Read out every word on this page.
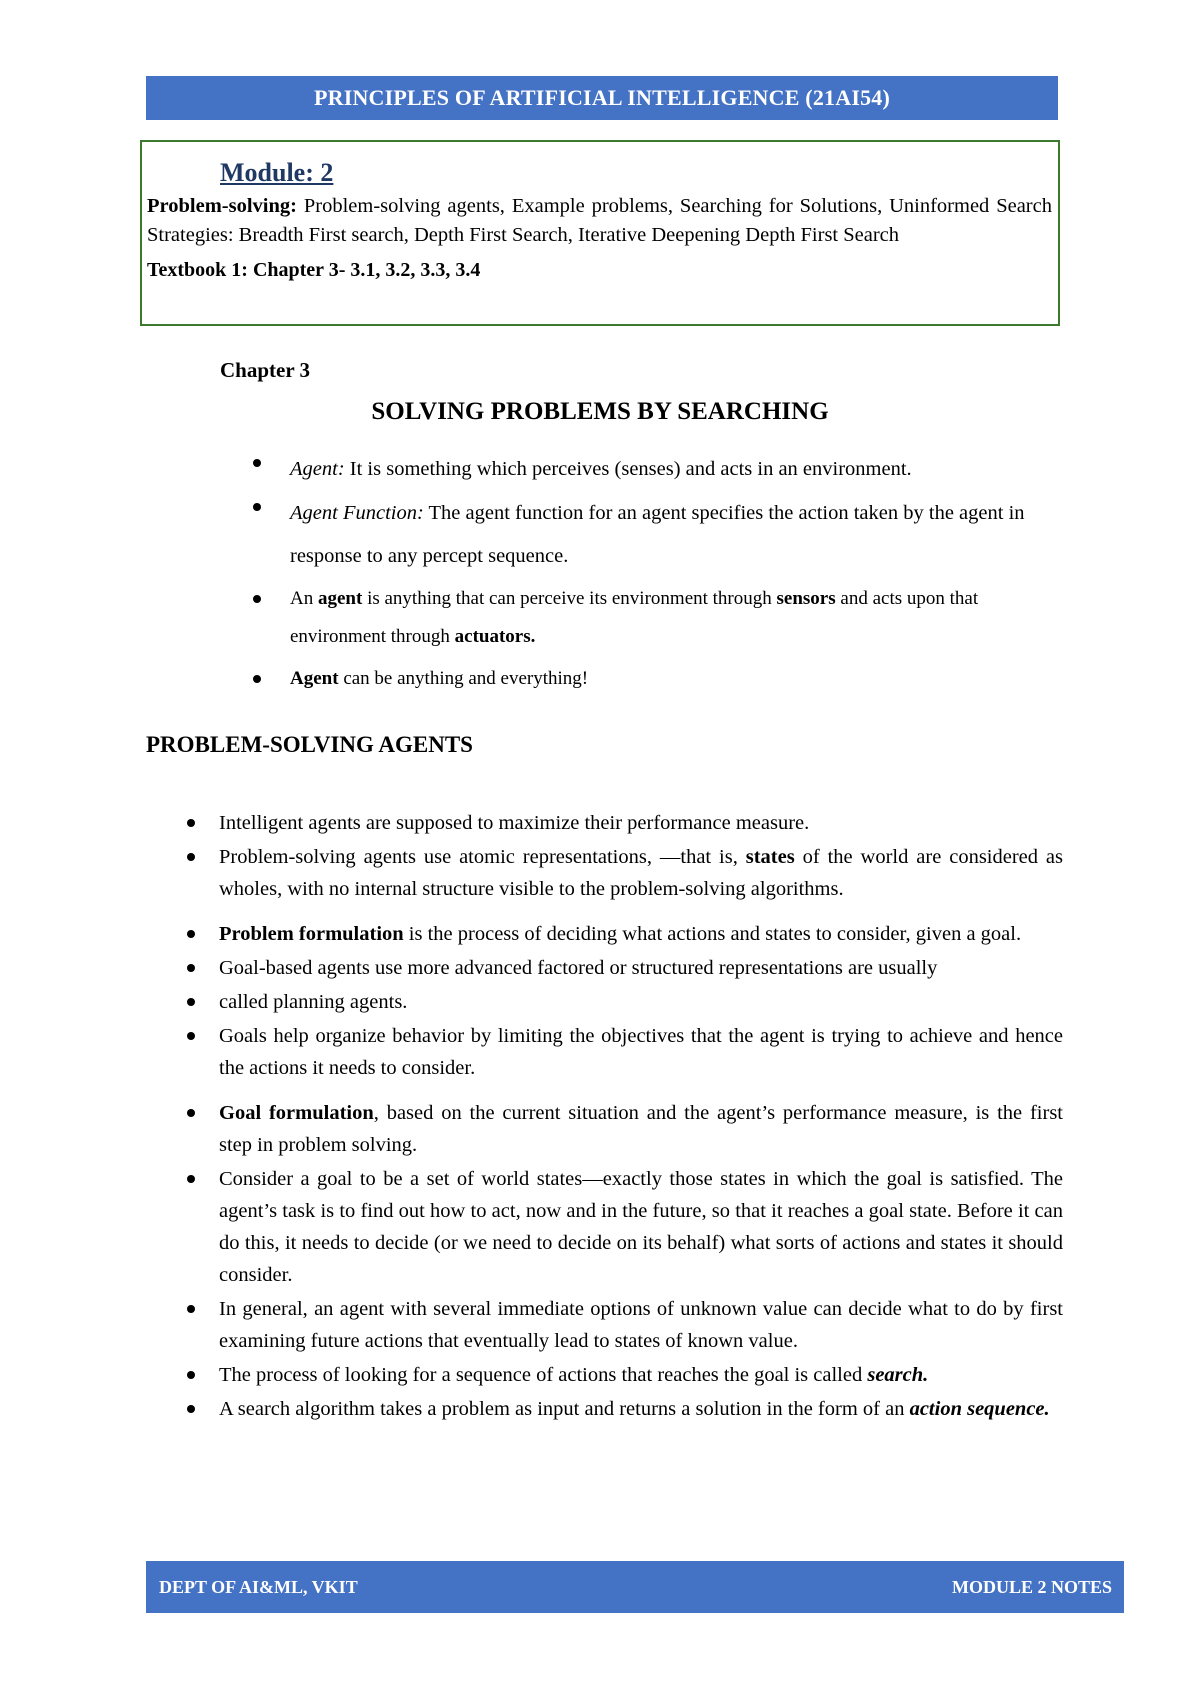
PRINCIPLES OF ARTIFICIAL INTELLIGENCE (21AI54)
Module: 2
Problem-solving: Problem-solving agents, Example problems, Searching for Solutions, Uninformed Search Strategies: Breadth First search, Depth First Search, Iterative Deepening Depth First Search
Textbook 1: Chapter 3- 3.1, 3.2, 3.3, 3.4
Chapter 3
SOLVING PROBLEMS BY SEARCHING
Agent: It is something which perceives (senses) and acts in an environment.
Agent Function: The agent function for an agent specifies the action taken by the agent in response to any percept sequence.
An agent is anything that can perceive its environment through sensors and acts upon that environment through actuators.
Agent can be anything and everything!
PROBLEM-SOLVING AGENTS
Intelligent agents are supposed to maximize their performance measure.
Problem-solving agents use atomic representations, —that is, states of the world are considered as wholes, with no internal structure visible to the problem-solving algorithms.
Problem formulation is the process of deciding what actions and states to consider, given a goal.
Goal-based agents use more advanced factored or structured representations are usually
called planning agents.
Goals help organize behavior by limiting the objectives that the agent is trying to achieve and hence the actions it needs to consider.
Goal formulation, based on the current situation and the agent’s performance measure, is the first step in problem solving.
Consider a goal to be a set of world states—exactly those states in which the goal is satisfied. The agent’s task is to find out how to act, now and in the future, so that it reaches a goal state. Before it can do this, it needs to decide (or we need to decide on its behalf) what sorts of actions and states it should consider.
In general, an agent with several immediate options of unknown value can decide what to do by first examining future actions that eventually lead to states of known value.
The process of looking for a sequence of actions that reaches the goal is called search.
A search algorithm takes a problem as input and returns a solution in the form of an action sequence.
DEPT OF AI&ML, VKIT	MODULE 2 NOTES
